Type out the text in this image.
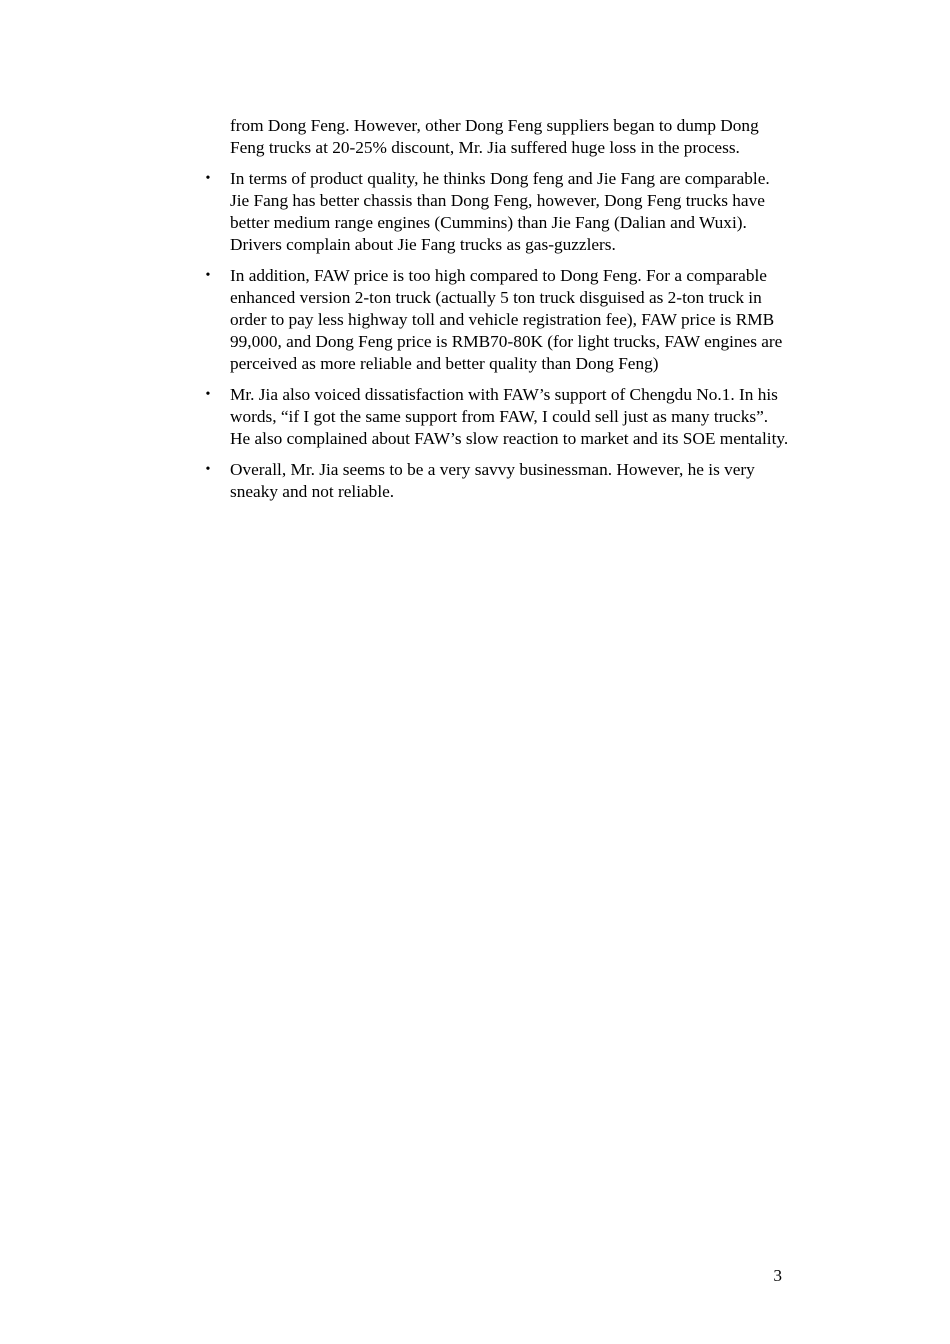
from Dong Feng. However, other Dong Feng suppliers began to dump Dong Feng trucks at 20-25% discount, Mr. Jia suffered huge loss in the process.

• In terms of product quality, he thinks Dong feng and Jie Fang are comparable. Jie Fang has better chassis than Dong Feng, however, Dong Feng trucks have better medium range engines (Cummins) than Jie Fang (Dalian and Wuxi). Drivers complain about Jie Fang trucks as gas-guzzlers.
• In addition, FAW price is too high compared to Dong Feng. For a comparable enhanced version 2-ton truck (actually 5 ton truck disguised as 2-ton truck in order to pay less highway toll and vehicle registration fee), FAW price is RMB 99,000, and Dong Feng price is RMB70-80K (for light trucks, FAW engines are perceived as more reliable and better quality than Dong Feng)
• Mr. Jia also voiced dissatisfaction with FAW’s support of Chengdu No.1. In his words, “if I got the same support from FAW, I could sell just as many trucks”. He also complained about FAW’s slow reaction to market and its SOE mentality.
• Overall, Mr. Jia seems to be a very savvy businessman. However, he is very sneaky and not reliable.
3
